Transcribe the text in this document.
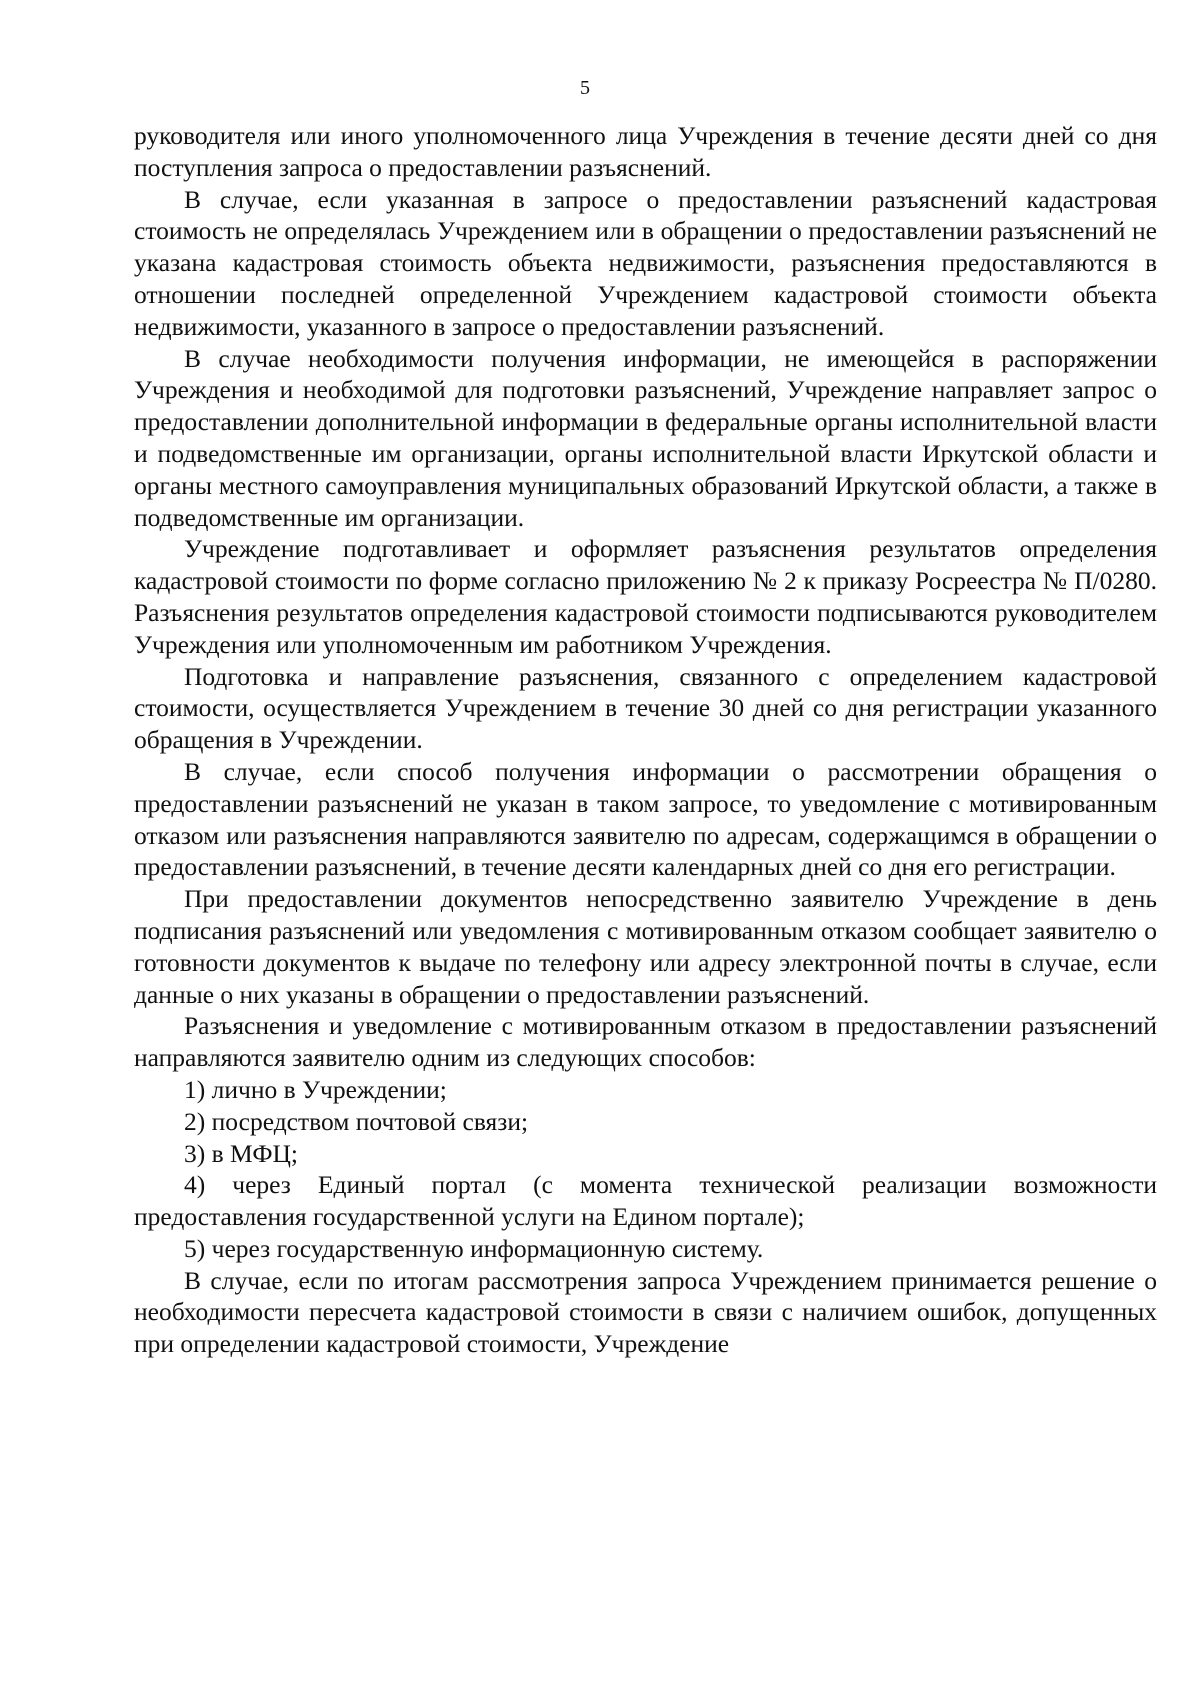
5

руководителя или иного уполномоченного лица Учреждения в течение десяти дней со дня поступления запроса о предоставлении разъяснений.

В случае, если указанная в запросе о предоставлении разъяснений кадастровая стоимость не определялась Учреждением или в обращении о предоставлении разъяснений не указана кадастровая стоимость объекта недвижимости, разъяснения предоставляются в отношении последней определенной Учреждением кадастровой стоимости объекта недвижимости, указанного в запросе о предоставлении разъяснений.

В случае необходимости получения информации, не имеющейся в распоряжении Учреждения и необходимой для подготовки разъяснений, Учреждение направляет запрос о предоставлении дополнительной информации в федеральные органы исполнительной власти и подведомственные им организации, органы исполнительной власти Иркутской области и органы местного самоуправления муниципальных образований Иркутской области, а также в подведомственные им организации.

Учреждение подготавливает и оформляет разъяснения результатов определения кадастровой стоимости по форме согласно приложению № 2 к приказу Росреестра № П/0280. Разъяснения результатов определения кадастровой стоимости подписываются руководителем Учреждения или уполномоченным им работником Учреждения.

Подготовка и направление разъяснения, связанного с определением кадастровой стоимости, осуществляется Учреждением в течение 30 дней со дня регистрации указанного обращения в Учреждении.

В случае, если способ получения информации о рассмотрении обращения о предоставлении разъяснений не указан в таком запросе, то уведомление с мотивированным отказом или разъяснения направляются заявителю по адресам, содержащимся в обращении о предоставлении разъяснений, в течение десяти календарных дней со дня его регистрации.

При предоставлении документов непосредственно заявителю Учреждение в день подписания разъяснений или уведомления с мотивированным отказом сообщает заявителю о готовности документов к выдаче по телефону или адресу электронной почты в случае, если данные о них указаны в обращении о предоставлении разъяснений.

Разъяснения и уведомление с мотивированным отказом в предоставлении разъяснений направляются заявителю одним из следующих способов:

1) лично в Учреждении;

2) посредством почтовой связи;

3) в МФЦ;

4) через Единый портал (с момента технической реализации возможности предоставления государственной услуги на Едином портале);

5) через государственную информационную систему.

В случае, если по итогам рассмотрения запроса Учреждением принимается решение о необходимости пересчета кадастровой стоимости в связи с наличием ошибок, допущенных при определении кадастровой стоимости, Учреждение
